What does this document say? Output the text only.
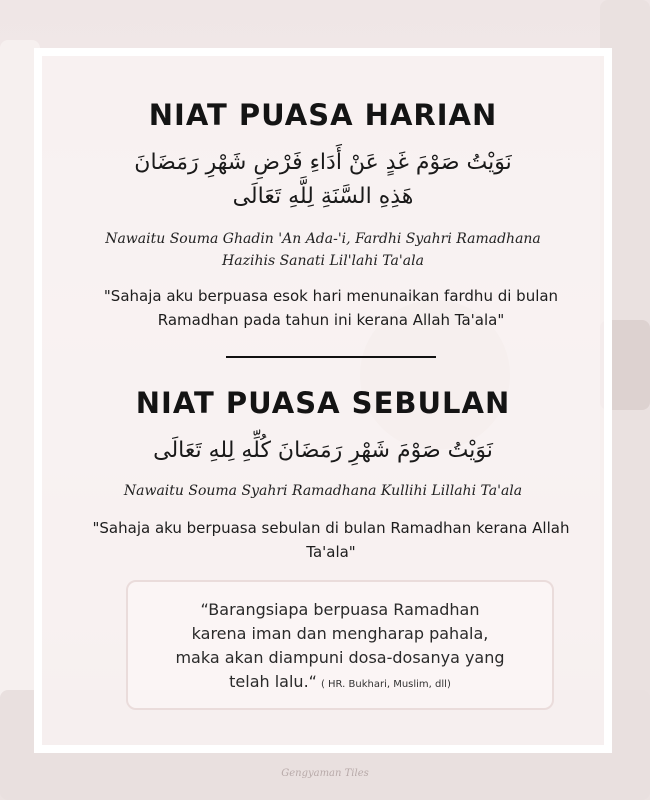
NIAT PUASA HARIAN
نَوَيْتُ صَوْمَ غَدٍ عَنْ أَدَاءِ فَرْضِ شَهْرِ رَمَضَانَ
هَذِهِ السَّنَةِ لِلَّهِ تَعَالَى
Nawaitu Souma Ghadin 'An Ada-'i, Fardhi Syahri Ramadhana
Hazihis Sanati Lil'lahi Ta'ala
"Sahaja aku berpuasa esok hari menunaikan fardhu di bulan Ramadhan pada tahun ini kerana Allah Ta'ala"
NIAT PUASA SEBULAN
نَوَيْتُ صَوْمَ شَهْرِ رَمَضَانَ كُلِّهِ لِلهِ تَعَالَى
Nawaitu Souma Syahri Ramadhana Kullihi Lillahi Ta'ala
"Sahaja aku berpuasa sebulan di bulan Ramadhan kerana Allah Ta'ala"
“Barangsiapa berpuasa Ramadhan
karena iman dan mengharap pahala,
maka akan diampuni dosa-dosanya yang
telah lalu.“ ( HR. Bukhari, Muslim, dll)
Gengyaman Tiles
